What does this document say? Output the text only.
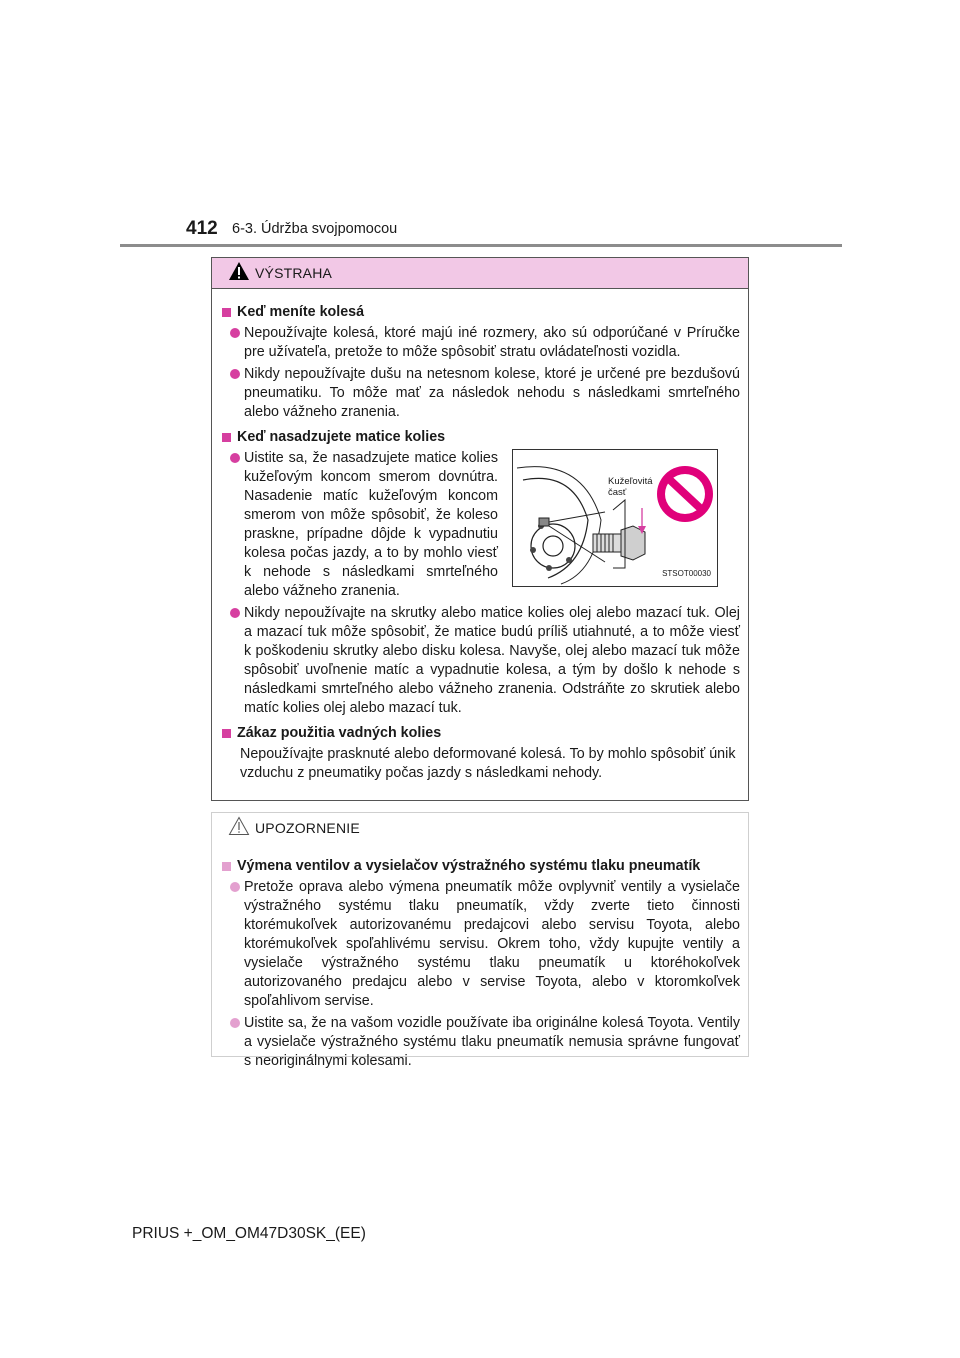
412 6-3. Údržba svojpomocou
VÝSTRAHA
Keď meníte kolesá
Nepoužívajte kolesá, ktoré majú iné rozmery, ako sú odporúčané v Príručke pre užívateľa, pretože to môže spôsobiť stratu ovládateľnosti vozidla.
Nikdy nepoužívajte dušu na netesnom kolese, ktoré je určené pre bezdušovú pneumatiku. To môže mať za následok nehodu s následkami smrteľného alebo vážneho zranenia.
Keď nasadzujete matice kolies
Uistite sa, že nasadzujete matice kolies kužeľovým koncom smerom dovnútra. Nasadenie matíc kužeľovým koncom smerom von môže spôsobiť, že koleso praskne, prípadne dôjde k vypadnutiu kolesa počas jazdy, a to by mohlo viesť k nehode s následkami smrteľného alebo vážneho zranenia.
Kužeľovitá
časť
STSOT00030
Nikdy nepoužívajte na skrutky alebo matice kolies olej alebo mazací tuk. Olej a mazací tuk môže spôsobiť, že matice budú príliš utiahnuté, a to môže viesť k poškodeniu skrutky alebo disku kolesa. Navyše, olej alebo mazací tuk môže spôsobiť uvoľnenie matíc a vypadnutie kolesa, a tým by došlo k nehode s následkami smrteľného alebo vážneho zranenia. Odstráňte zo skrutiek alebo matíc kolies olej alebo mazací tuk.
Zákaz použitia vadných kolies
Nepoužívajte prasknuté alebo deformované kolesá. To by mohlo spôsobiť únik vzduchu z pneumatiky počas jazdy s následkami nehody.
UPOZORNENIE
Výmena ventilov a vysielačov výstražného systému tlaku pneumatík
Pretože oprava alebo výmena pneumatík môže ovplyvniť ventily a vysielače výstražného systému tlaku pneumatík, vždy zverte tieto činnosti ktorémukoľvek autorizovanému predajcovi alebo servisu Toyota, alebo ktorémukoľvek spoľahlivému servisu. Okrem toho, vždy kupujte ventily a vysielače výstražného systému tlaku pneumatík u ktoréhokoľvek autorizovaného predajcu alebo v servise Toyota, alebo v ktoromkoľvek spoľahlivom servise.
Uistite sa, že na vašom vozidle používate iba originálne kolesá Toyota. Ventily a vysielače výstražného systému tlaku pneumatík nemusia správne fungovať s neoriginálnymi kolesami.
PRIUS +_OM_OM47D30SK_(EE)
